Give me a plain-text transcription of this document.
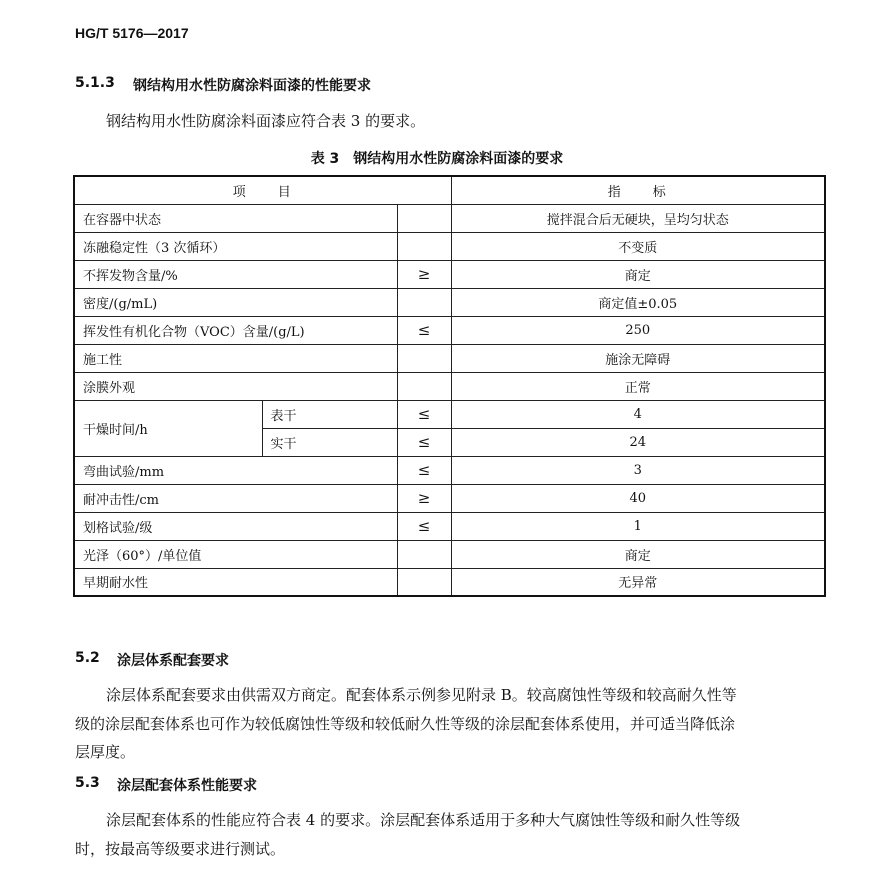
HG/T 5176—2017
5.1.3 钢结构用水性防腐涂料面漆的性能要求
钢结构用水性防腐涂料面漆应符合表 3 的要求。
表 3　钢结构用水性防腐涂料面漆的要求
项　　目			指　　标
在容器中状态			搅拌混合后无硬块，呈均匀状态
冻融稳定性（3 次循环）			不变质
不挥发物含量/%		≥	商定
密度/(g/mL)			商定值±0.05
挥发性有机化合物（VOC）含量/(g/L)		≤	250
施工性			施涂无障碍
涂膜外观			正常
干燥时间/h	表干	≤	4
	实干	≤	24
弯曲试验/mm		≤	3
耐冲击性/cm		≥	40
划格试验/级		≤	1
光泽（60°）/单位值			商定
早期耐水性			无异常
5.2 涂层体系配套要求
涂层体系配套要求由供需双方商定。配套体系示例参见附录 B。较高腐蚀性等级和较高耐久性等
级的涂层配套体系也可作为较低腐蚀性等级和较低耐久性等级的涂层配套体系使用，并可适当降低涂
层厚度。
5.3 涂层配套体系性能要求
涂层配套体系的性能应符合表 4 的要求。涂层配套体系适用于多种大气腐蚀性等级和耐久性等级
时，按最高等级要求进行测试。
